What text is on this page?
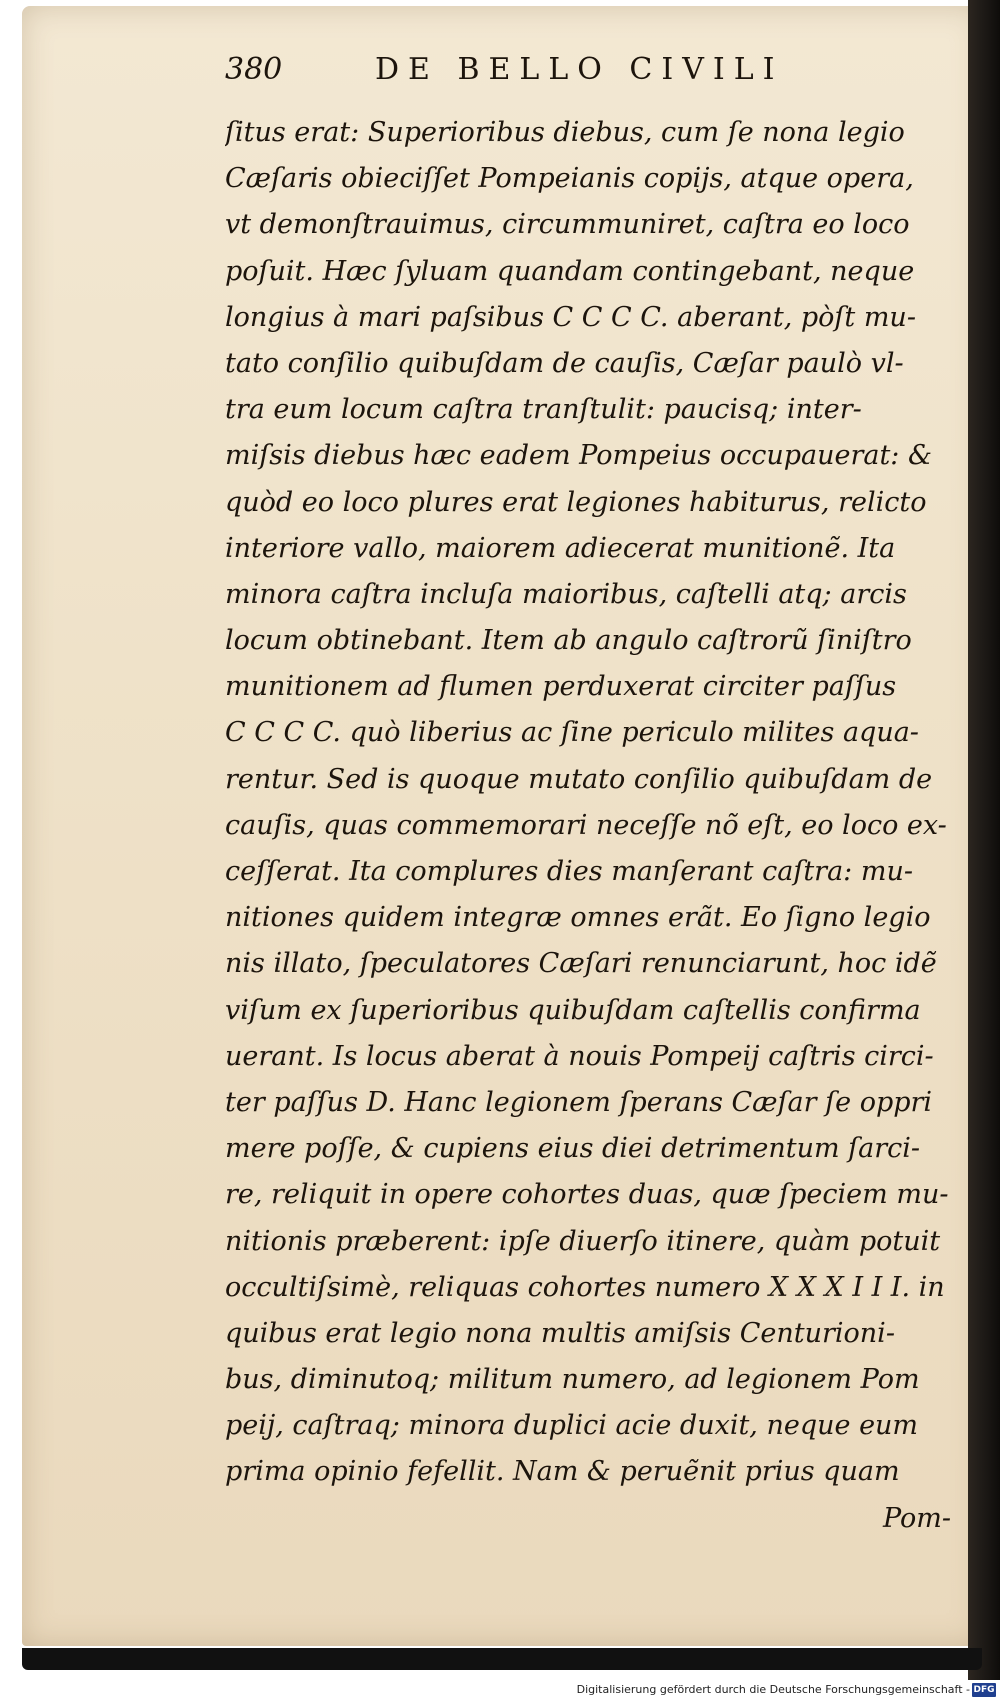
380	DE BELLO CIVILI
ſitus erat: Superioribus diebus, cum ſe nona legio
Cæſaris obieciſſet Pompeianis copijs, atque opera,
vt demonſtrauimus, circummuniret, caſtra eo loco
poſuit. Hæc ſyluam quandam contingebant, neque
longius à mari paſsibus C C C C. aberant, pòſt mu-
tato conſilio quibuſdam de cauſis, Cæſar paulò vl-
tra eum locum caſtra tranſtulit: paucisq; inter-
miſsis diebus hæc eadem Pompeius occupauerat: &
quòd eo loco plures erat legiones habiturus, relicto
interiore vallo, maiorem adiecerat munitionẽ. Ita
minora caſtra incluſa maioribus, caſtelli atq; arcis
locum obtinebant. Item ab angulo caſtrorũ ſiniſtro
munitionem ad flumen perduxerat circiter paſſus
C C C C. quò liberius ac ſine periculo milites aqua-
rentur. Sed is quoque mutato conſilio quibuſdam de
cauſis, quas commemorari neceſſe nõ eſt, eo loco ex-
ceſſerat. Ita complures dies manſerant caſtra: mu-
nitiones quidem integræ omnes erãt. Eo ſigno legio
nis illato, ſpeculatores Cæſari renunciarunt, hoc idẽ
viſum ex ſuperioribus quibuſdam caſtellis confirma
uerant. Is locus aberat à nouis Pompeij caſtris circi-
ter paſſus D. Hanc legionem ſperans Cæſar ſe oppri
mere poſſe, & cupiens eius diei detrimentum ſarci-
re, reliquit in opere cohortes duas, quæ ſpeciem mu-
nitionis præberent: ipſe diuerſo itinere, quàm potuit
occultiſsimè, reliquas cohortes numero X X X I I I. in
quibus erat legio nona multis amiſsis Centurioni-
bus, diminutoq; militum numero, ad legionem Pom
peij, caſtraq; minora duplici acie duxit, neque eum
prima opinio fefellit. Nam & peruẽnit prius quam
Pom-
Digitalisierung gefördert durch die Deutsche Forschungsgemeinschaft - DFG
